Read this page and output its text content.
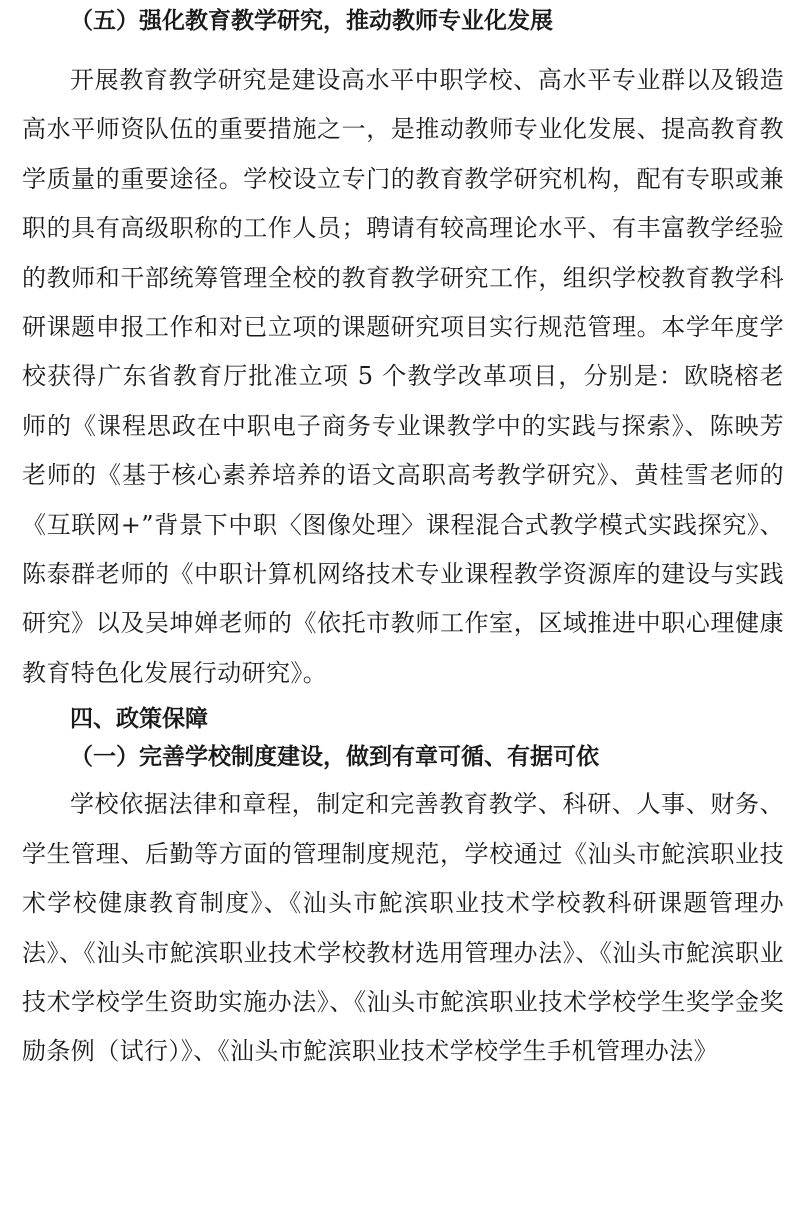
（五）强化教育教学研究，推动教师专业化发展

开展教育教学研究是建设高水平中职学校、高水平专业群以及锻造高水平师资队伍的重要措施之一，是推动教师专业化发展、提高教育教学质量的重要途径。学校设立专门的教育教学研究机构，配有专职或兼职的具有高级职称的工作人员；聘请有较高理论水平、有丰富教学经验的教师和干部统筹管理全校的教育教学研究工作，组织学校教育教学科研课题申报工作和对已立项的课题研究项目实行规范管理。本学年度学校获得广东省教育厅批准立项 5 个教学改革项目，分别是：欧晓榕老师的《课程思政在中职电子商务专业课教学中的实践与探索》、陈映芳老师的《基于核心素养培养的语文高职高考教学研究》、黄桂雪老师的《互联网+”背景下中职〈图像处理〉课程混合式教学模式实践探究》、陈泰群老师的《中职计算机网络技术专业课程教学资源库的建设与实践研究》以及吴坤婵老师的《依托市教师工作室，区域推进中职心理健康教育特色化发展行动研究》。

四、政策保障
（一）完善学校制度建设，做到有章可循、有据可依

学校依据法律和章程，制定和完善教育教学、科研、人事、财务、学生管理、后勤等方面的管理制度规范，学校通过《汕头市鮀滨职业技术学校健康教育制度》、《汕头市鮀滨职业技术学校教科研课题管理办法》、《汕头市鮀滨职业技术学校教材选用管理办法》、《汕头市鮀滨职业技术学校学生资助实施办法》、《汕头市鮀滨职业技术学校学生奖学金奖励条例（试行）》、《汕头市鮀滨职业技术学校学生手机管理办法》
